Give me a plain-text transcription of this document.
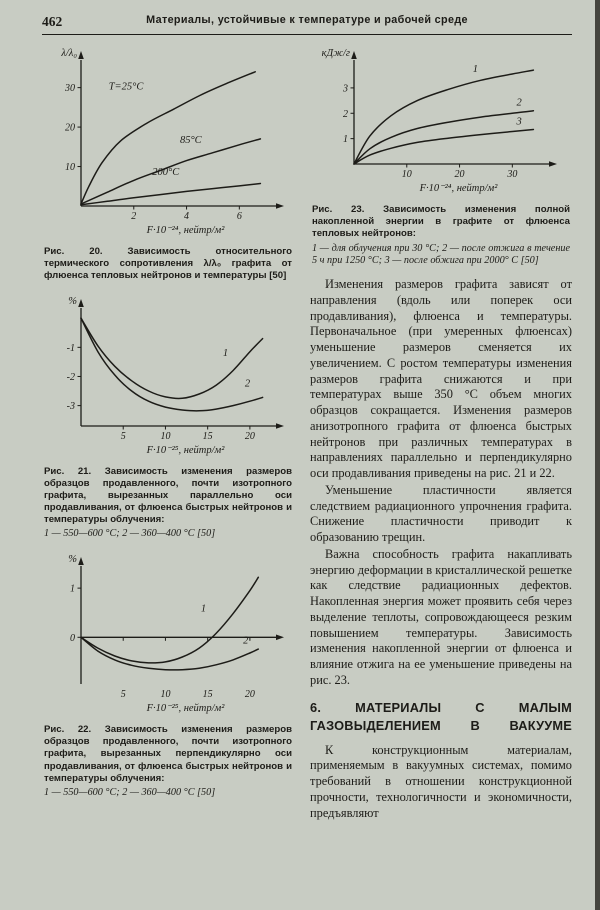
462	Материалы, устойчивые к температуре и рабочей среде
2	4	6
10
20
30
λ/λ₀
F·10⁻²⁴, нейтр/м²
T=25°C
85°C
200°C
Рис. 20. Зависимость относительного термического сопротивления λ/λ₀ графита от флюенса тепловых нейтронов и температуры [50]
5	10	15	20
-1
-2
-3
%
F·10⁻²⁵, нейтр/м²
1
2
Рис. 21. Зависимость изменения размеров образцов продавленного, почти изотропного графита, вырезанных параллельно оси продавливания, от флюенса быстрых нейтронов и температуры облучения:
1 — 550—600 °C; 2 — 360—400 °C [50]
5	10	15	20
0
1
%
F·10⁻²⁵, нейтр/м²
1
2
Рис. 22. Зависимость изменения размеров образцов продавленного, почти изотропного графита, вырезанных перпендикулярно оси продавливания, от флюенса быстрых нейтронов и температуры облучения:
1 — 550—600 °C; 2 — 360—400 °C [50]
10	20	30
1
2
3
кДж/г
F·10⁻²⁴, нейтр/м²
1
2
3
Рис. 23. Зависимость изменения полной накопленной энергии в графите от флюенса тепловых нейтронов:
1 — для облучения при 30 °C; 2 — после отжига в течение 5 ч при 1250 °C; 3 — после обжига при 2000° C [50]

Изменения размеров графита зависят от направления (вдоль или поперек оси продавливания), флюенса и температуры. Первоначальное (при умеренных флюенсах) уменьшение размеров сменяется их увеличением. С ростом температуры изменения размеров графита снижаются и при температурах выше 350 °C объем многих образцов сокращается. Изменения размеров анизотропного графита от флюенса быстрых нейтронов при различных температурах в направлениях параллельно и перпендикулярно оси продавливания приведены на рис. 21 и 22.

Уменьшение пластичности является следствием радиационного упрочнения графита. Снижение пластичности приводит к образованию трещин.

Важна способность графита накапливать энергию деформации в кристаллической решетке как следствие радиационных дефектов. Накопленная энергия может проявить себя через выделение теплоты, сопровождающееся резким повышением температуры. Зависимость изменения накопленной энергии от флюенса и влияние отжига на ее уменьшение приведены на рис. 23.

6. МАТЕРИАЛЫ С МАЛЫМ ГАЗОВЫДЕЛЕНИЕМ В ВАКУУМЕ

К конструкционным материалам, применяемым в вакуумных системах, помимо требований в отношении конструкционной прочности, технологичности и экономичности, предъявляют
